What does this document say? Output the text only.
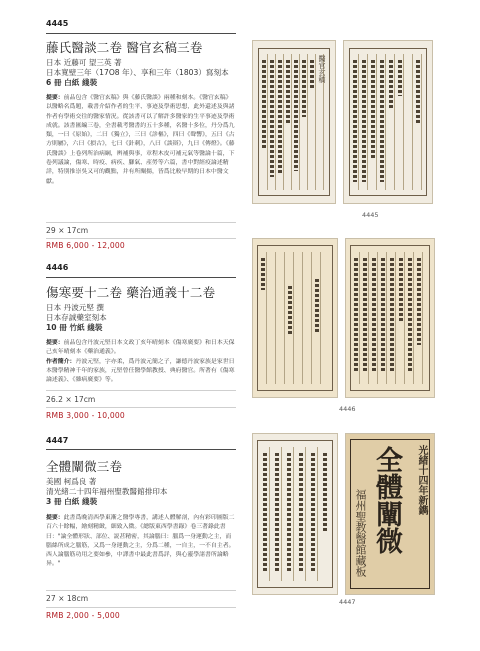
4445
藤氏醫談二卷 醫官玄稿三卷
日本 近藤可 望三英 著
日本寬壁三年（17O8 年）、享和三年（1803）寫刻本
6 冊 白紙 綫裝

提要：前品包含《醫官玄稿》與《藤氏醫談》兩種和刻本。《醫官玄稿》以醫略名爲題，載書介紹作者的生平、事迹及學術思想，此外還述及與諸作者有學術交往的醫家情況。從該書可以了解許多醫家的生平事迹及學術成就。該書匯編三卷，全書載考醫書約五十多種，名醫十多位，丹分爲九類，一曰《原始》，二曰《獨立》，三曰《診樞》，四曰《聲響》，五曰《古方則屬》，六曰《損古》，七曰《針刺》，八曰《談辯》，九曰《傳燈》。《藤氏醫談》上卷列所治病綱，辨補與事，章程木皮可補元氣等醫論十篇，下卷列議論，傷寒、時疫、病疾、腳氣、產勞等六篇，書中對經疫論述精詳，特別推崇吳又可的觀點，并有所闡揚，皆爲比較早期的日本中醫文獻。

29 × 17cm
RMB 6,000 - 12,000
醫官玄稿
4445
4446
傷寒要十二卷 藥治通義十二卷
日本 丹波元堅 撰
日本存誠藥室刻本
10 冊 竹紙 綫裝

提要：前品包含丹波元堅日本文政丁亥年晴刻本《傷寒廣要》和日本天保己亥年晴刻本《藥治通義》。

作者簡介：丹波元堅，字亦柔，爲丹波元簡之子，謙德丹波家族是家世日本醫學精神千年的家族，元堅曾任醫學館教授、典府醫官。所著有《傷寒論述義》、《雜病廣要》等。

26.2 × 17cm
RMB 3,000 - 10,000
4446
4447
全體闡微三卷
美國 柯爲良 著
清光緒二十四年福州聖教醫館排印本
3 冊 白紙 綫裝

提要：此書爲晚清西學東漸之醫學專書，講述人體解剖，內有彩印圖版二百六十餘幅，繪刻精緻，細致入微。《總版東西學書錄》卷三著錄此書曰："論全體形狀、部位、説甚精密，其論腦曰：腦爲一身運動之主，而腦絲所成之腦筋，又爲一身運動之主，分爲二種，一自主，一不自主者。西人論腦筋功用之要如參，中譯書中最此書爲詳，與心靈學諸書所論略异。"

27 × 18cm
RMB 2,000 - 5,000
光緒十四年新鐫
全體闡微
福州聖教醫館藏板
4447
